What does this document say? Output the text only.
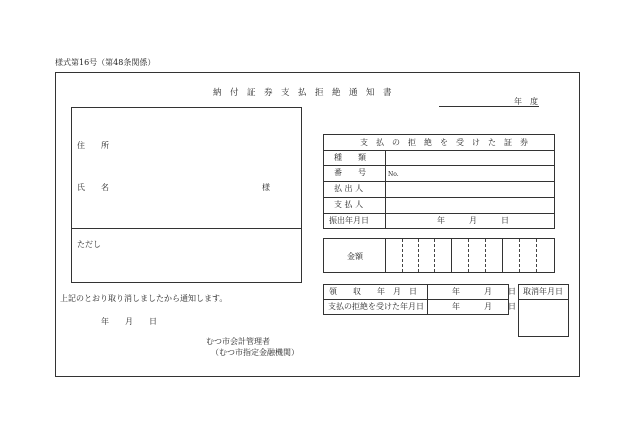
様式第16号（第48条関係）
納　付　証　券　支　払　拒　絶　通　知　書
年　度
住　　所
氏　　名	様
ただし
支　払　の　拒　絶　を　受　け　た　証　券
種　　類
番　　号	No.
払 出 人
支 払 人
振出年月日	年　　　月　　　日
金額
領　　収　　年　月　日	年　　　月　　日
支払の拒絶を受けた年月日	年　　　月　　日
取消年月日
上記のとおり取り消しましたから通知します。
年　　月　　日
むつ市会計管理者
（むつ市指定金融機関）
